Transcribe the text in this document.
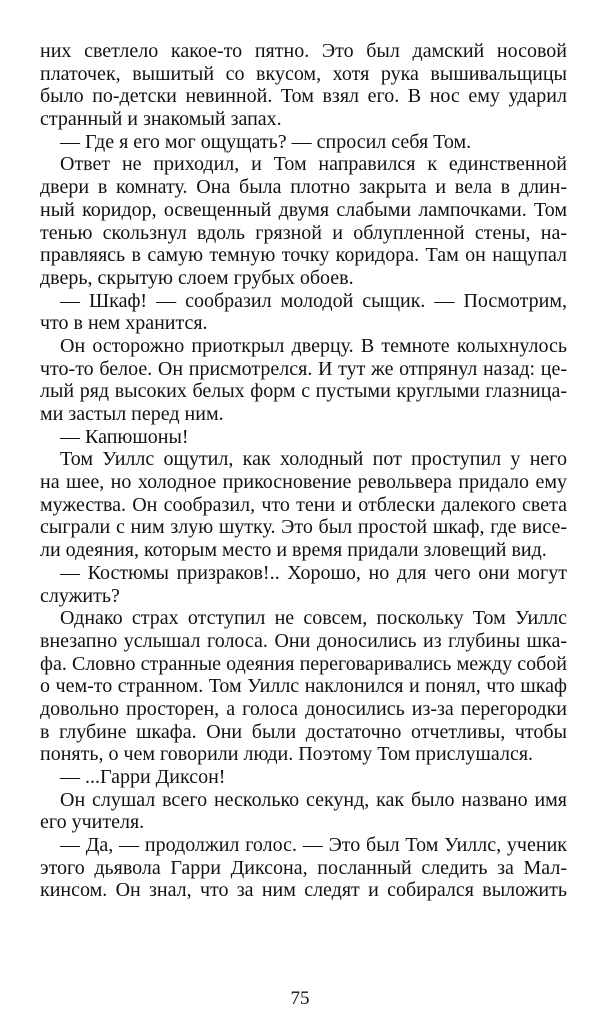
них светлело какое-то пятно. Это был дамский носовой
платочек, вышитый со вкусом, хотя рука вышивальщицы
было по-детски невинной. Том взял его. В нос ему ударил
странный и знакомый запах.
— Где я его мог ощущать? — спросил себя Том.
Ответ не приходил, и Том направился к единственной
двери в комнату. Она была плотно закрыта и вела в длин-
ный коридор, освещенный двумя слабыми лампочками. Том
тенью скользнул вдоль грязной и облупленной стены, на-
правляясь в самую темную точку коридора. Там он нащупал
дверь, скрытую слоем грубых обоев.
— Шкаф! — сообразил молодой сыщик. — Посмотрим,
что в нем хранится.
Он осторожно приоткрыл дверцу. В темноте колыхнулось
что-то белое. Он присмотрелся. И тут же отпрянул назад: це-
лый ряд высоких белых форм с пустыми круглыми глазница-
ми застыл перед ним.
— Капюшоны!
Том Уиллс ощутил, как холодный пот проступил у него
на шее, но холодное прикосновение револьвера придало ему
мужества. Он сообразил, что тени и отблески далекого света
сыграли с ним злую шутку. Это был простой шкаф, где висе-
ли одеяния, которым место и время придали зловещий вид.
— Костюмы призраков!.. Хорошо, но для чего они могут
служить?
Однако страх отступил не совсем, поскольку Том Уиллс
внезапно услышал голоса. Они доносились из глубины шка-
фа. Словно странные одеяния переговаривались между собой
о чем-то странном. Том Уиллс наклонился и понял, что шкаф
довольно просторен, а голоса доносились из-за перегородки
в глубине шкафа. Они были достаточно отчетливы, чтобы
понять, о чем говорили люди. Поэтому Том прислушался.
— ...Гарри Диксон!
Он слушал всего несколько секунд, как было названо имя
его учителя.
— Да, — продолжил голос. — Это был Том Уиллс, ученик
этого дьявола Гарри Диксона, посланный следить за Мал-
кинсом. Он знал, что за ним следят и собирался выложить
75
